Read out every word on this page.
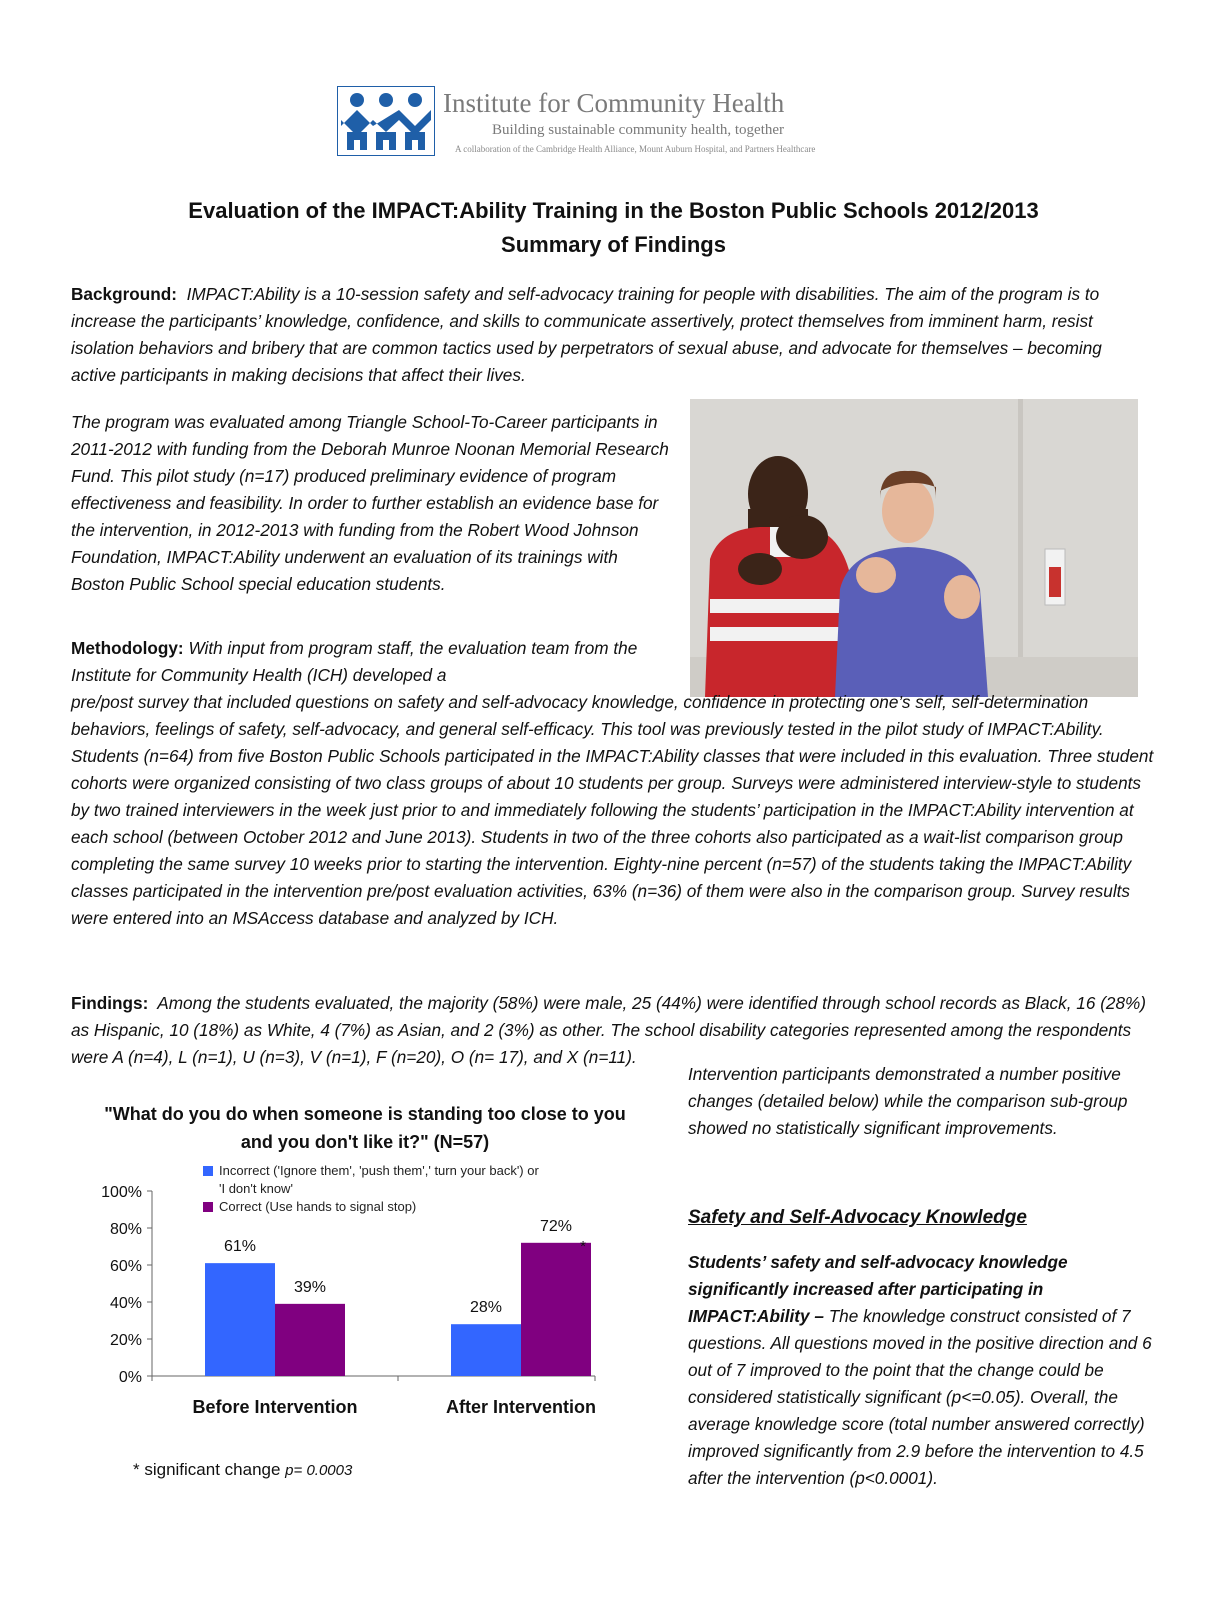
Institute for Community Health
Building sustainable community health, together
A collaboration of the Cambridge Health Alliance, Mount Auburn Hospital, and Partners Healthcare
Evaluation of the IMPACT:Ability Training in the Boston Public Schools 2012/2013
Summary of Findings

Background: IMPACT:Ability is a 10-session safety and self-advocacy training for people with disabilities. The aim of the program is to increase the participants’ knowledge, confidence, and skills to communicate assertively, protect themselves from imminent harm, resist isolation behaviors and bribery that are common tactics used by perpetrators of sexual abuse, and advocate for themselves – becoming active participants in making decisions that affect their lives.

The program was evaluated among Triangle School-To-Career participants in 2011-2012 with funding from the Deborah Munroe Noonan Memorial Research Fund. This pilot study (n=17) produced preliminary evidence of program effectiveness and feasibility. In order to further establish an evidence base for the intervention, in 2012-2013 with funding from the Robert Wood Johnson Foundation, IMPACT:Ability underwent an evaluation of its trainings with Boston Public School special education students.

Methodology: With input from program staff, the evaluation team from the Institute for Community Health (ICH) developed a

pre/post survey that included questions on safety and self-advocacy knowledge, confidence in protecting one’s self, self-determination behaviors, feelings of safety, self-advocacy, and general self-efficacy. This tool was previously tested in the pilot study of IMPACT:Ability. Students (n=64) from five Boston Public Schools participated in the IMPACT:Ability classes that were included in this evaluation. Three student cohorts were organized consisting of two class groups of about 10 students per group. Surveys were administered interview-style to students by two trained interviewers in the week just prior to and immediately following the students’ participation in the IMPACT:Ability intervention at each school (between October 2012 and June 2013). Students in two of the three cohorts also participated as a wait-list comparison group completing the same survey 10 weeks prior to starting the intervention. Eighty-nine percent (n=57) of the students taking the IMPACT:Ability classes participated in the intervention pre/post evaluation activities, 63% (n=36) of them were also in the comparison group. Survey results were entered into an MSAccess database and analyzed by ICH.

Findings: Among the students evaluated, the majority (58%) were male, 25 (44%) were identified through school records as Black, 16 (28%) as Hispanic, 10 (18%) as White, 4 (7%) as Asian, and 2 (3%) as other. The school disability categories represented among the respondents were A (n=4), L (n=1), U (n=3), V (n=1), F (n=20), O (n= 17), and X (n=11).

"What do you do when someone is standing too close to you and you don't like it?" (N=57)
Incorrect ('Ignore them', 'push them',' turn your back') or 'I don't know'
Correct (Use hands to signal stop)
0%
20%
40%
60%
80%
100%
61%
39%
Before Intervention
28%
72%
After Intervention
*
* significant change p= 0.0003
Intervention participants demonstrated a number positive changes (detailed below) while the comparison sub-group showed no statistically significant improvements.
Safety and Self-Advocacy Knowledge
Students’ safety and self-advocacy knowledge significantly increased after participating in IMPACT:Ability – The knowledge construct consisted of 7 questions. All questions moved in the positive direction and 6 out of 7 improved to the point that the change could be considered statistically significant (p<=0.05). Overall, the average knowledge score (total number answered correctly) improved significantly from 2.9 before the intervention to 4.5 after the intervention (p<0.0001).
